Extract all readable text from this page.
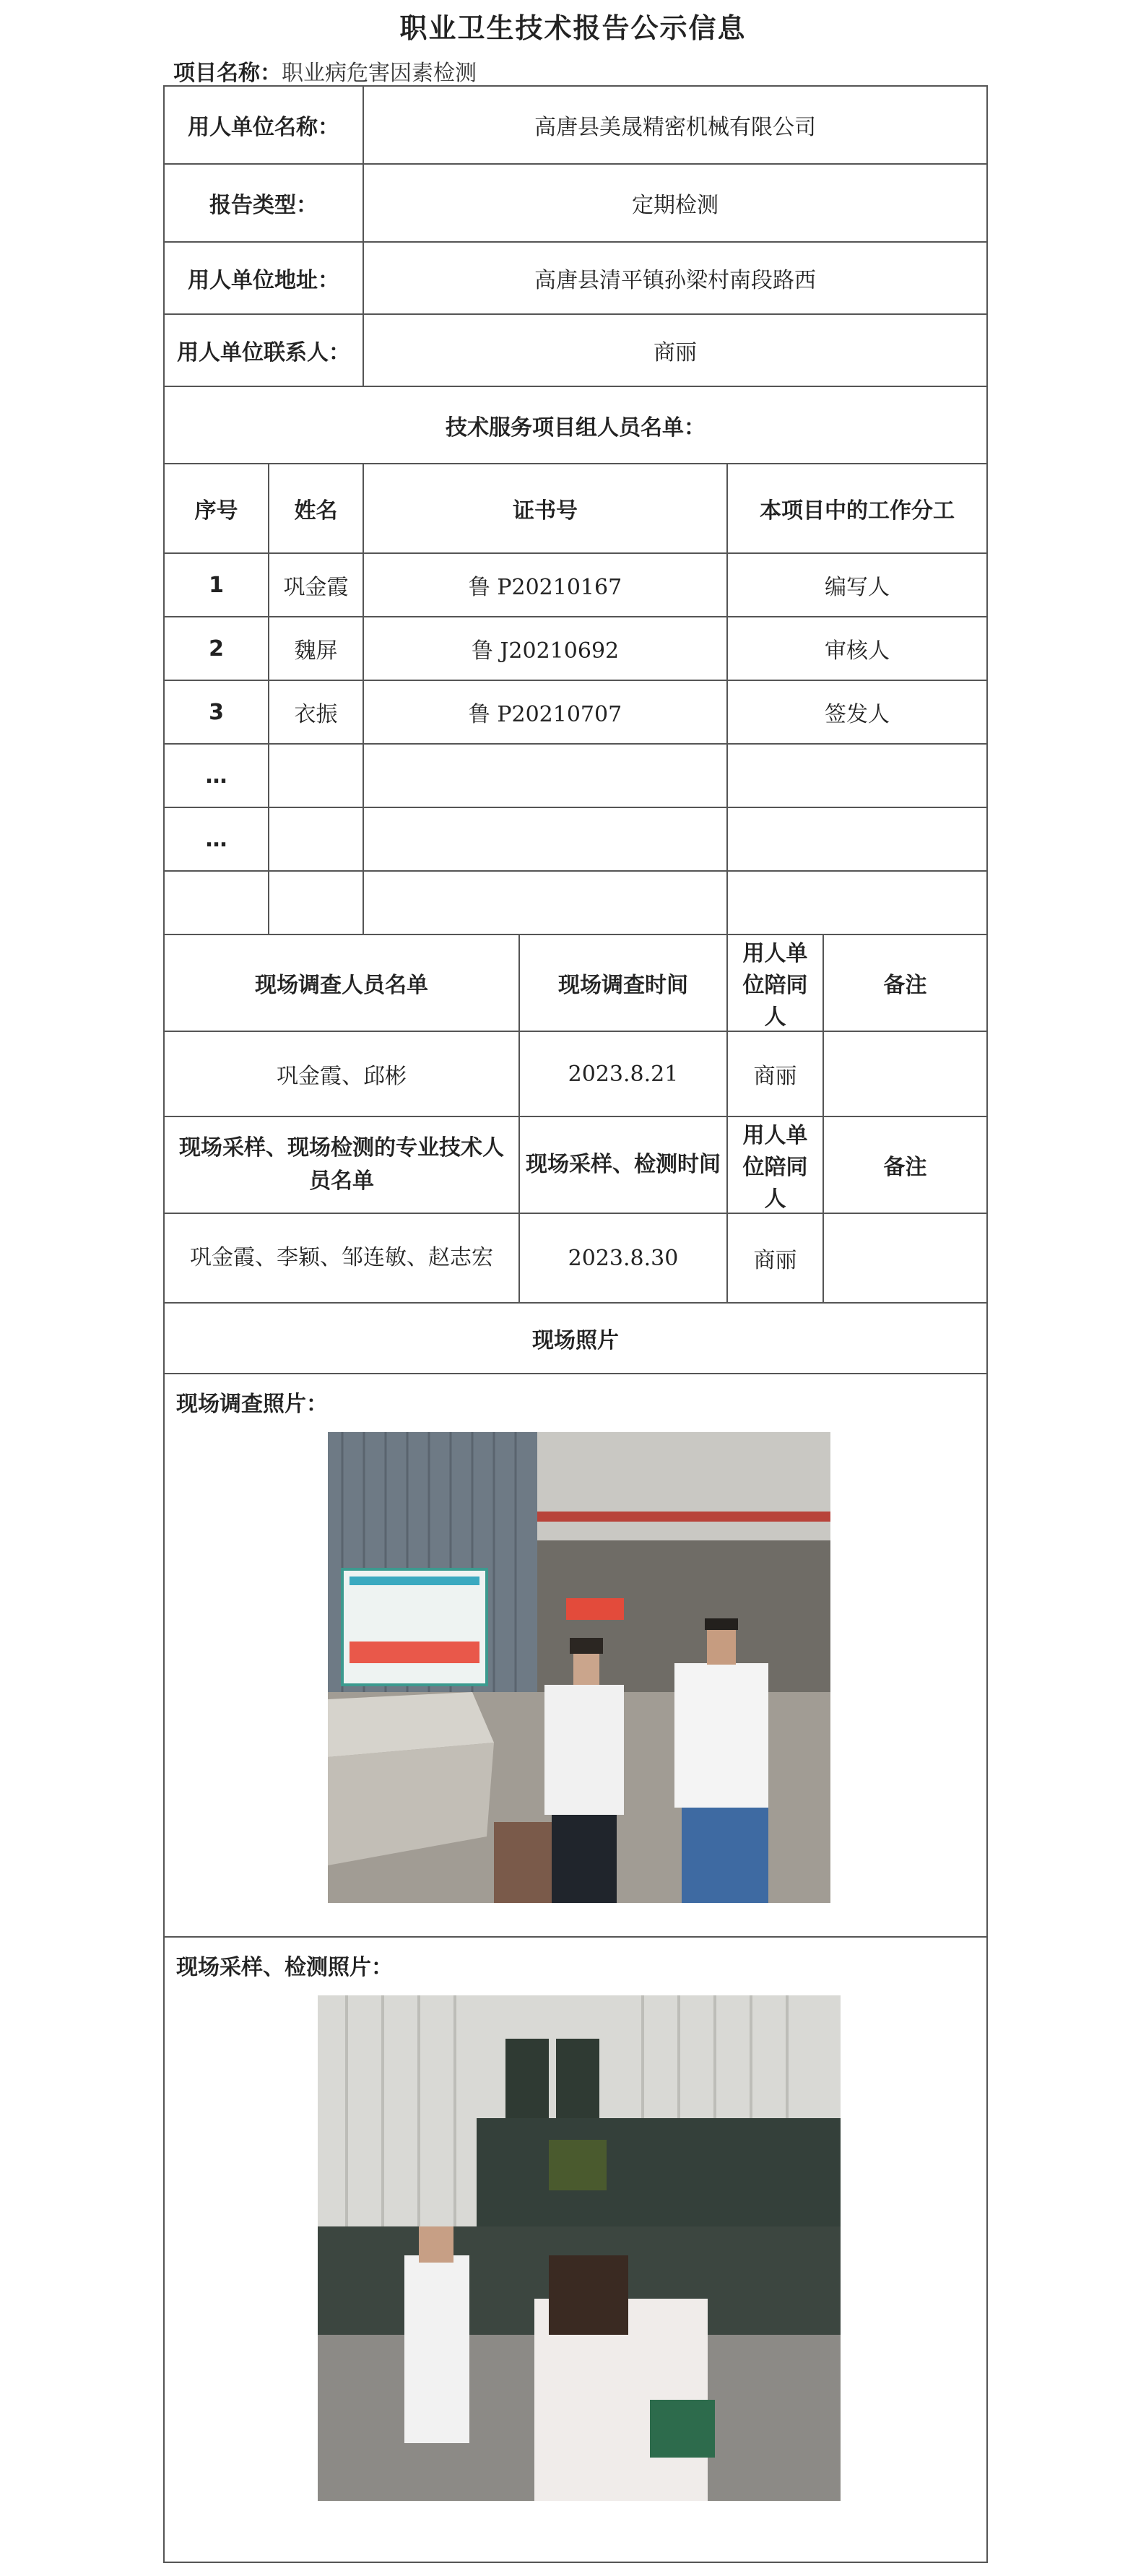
职业卫生技术报告公示信息
项目名称：职业病危害因素检测
用人单位名称：		高唐县美晟精密机械有限公司			
报告类型：		定期检测			
用人单位地址：		高唐县清平镇孙梁村南段路西			
用人单位联系人：		商丽			
技术服务项目组人员名单：					
序号	姓名	证书号		本项目中的工作分工	
1	巩金霞	鲁 P20210167		编写人	
2	魏屏	鲁 J20210692		审核人	
3	衣振	鲁 P20210707		签发人	
…					
…					

现场调查人员名单			现场调查时间	用人单位陪同人	备注
巩金霞、邱彬			2023.8.21	商丽	
现场采样、现场检测的专业技术人员名单			现场采样、检测时间	用人单位陪同人	备注
巩金霞、李颖、邹连敏、赵志宏			2023.8.30	商丽	
现场照片

现场调查照片：

现场采样、检测照片：
